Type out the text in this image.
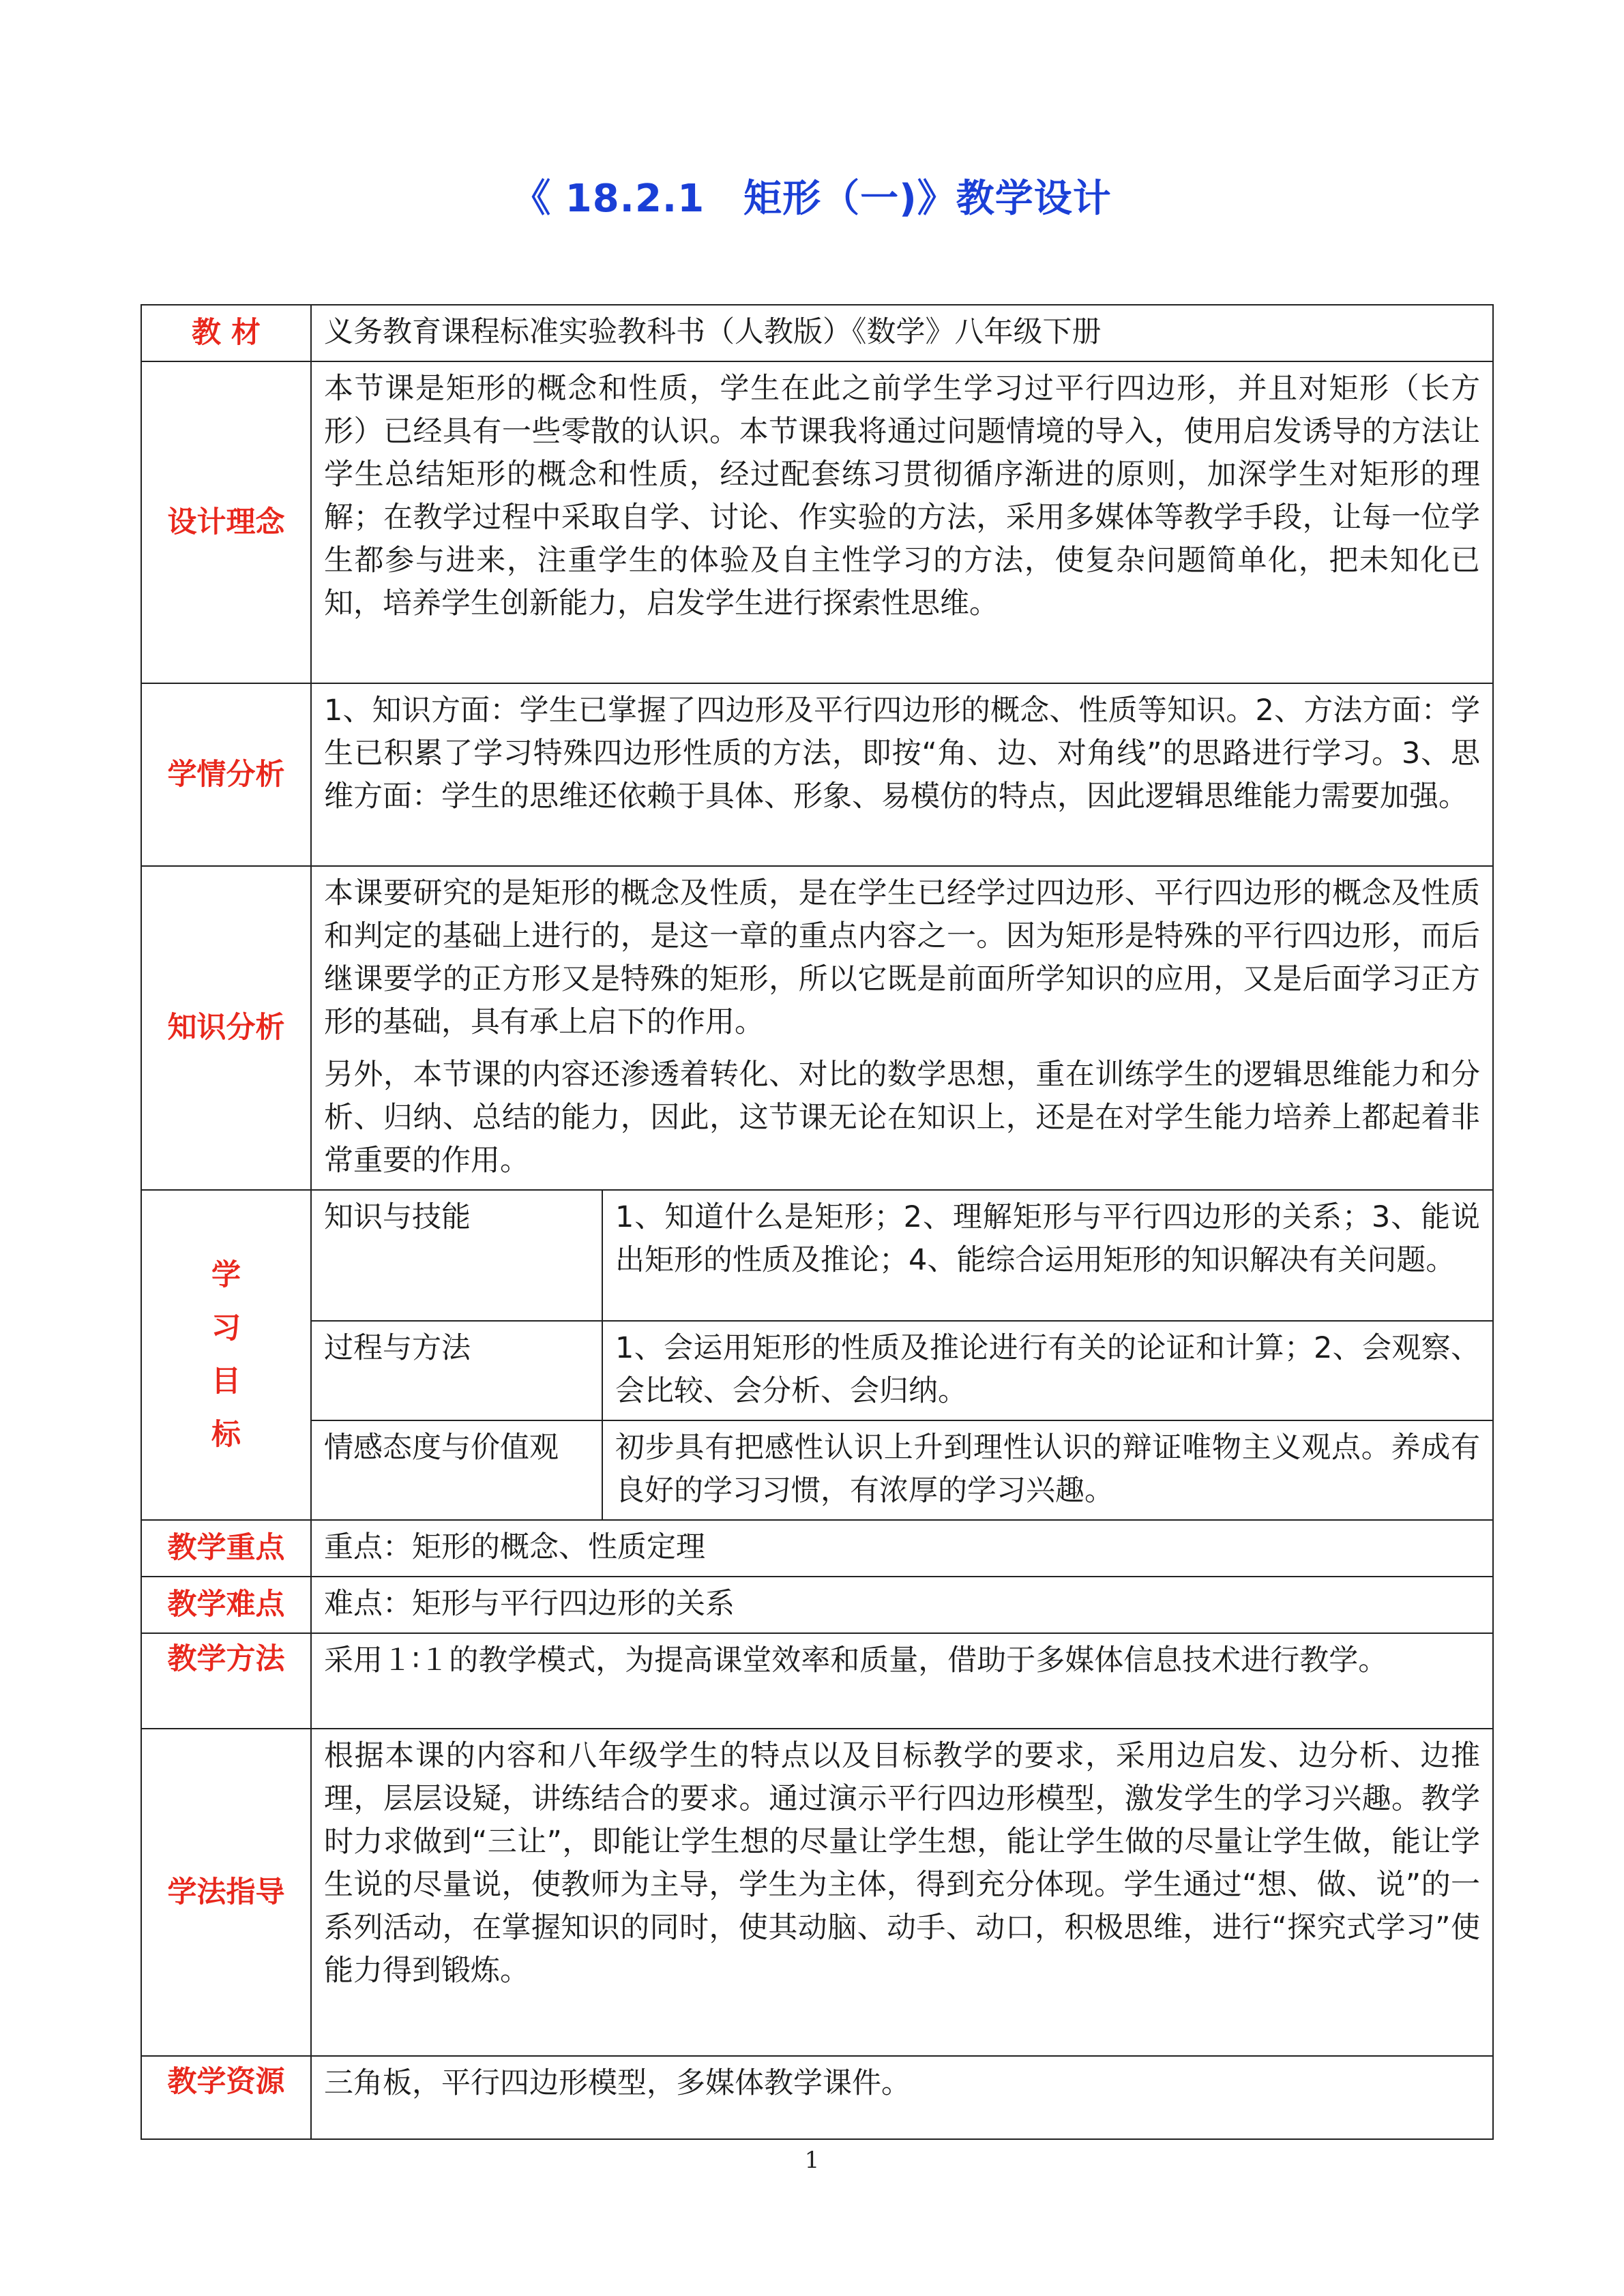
《 18.2.1　矩形（一)》教学设计
教 材	义务教育课程标准实验教科书（人教版）《数学》八年级下册	
设计理念	本节课是矩形的概念和性质，学生在此之前学生学习过平行四边形，并且对矩形（长方形）已经具有一些零散的认识。本节课我将通过问题情境的导入，使用启发诱导的方法让学生总结矩形的概念和性质，经过配套练习贯彻循序渐进的原则，加深学生对矩形的理解；在教学过程中采取自学、讨论、作实验的方法，采用多媒体等教学手段，让每一位学生都参与进来，注重学生的体验及自主性学习的方法，使复杂问题简单化，把未知化已知，培养学生创新能力，启发学生进行探索性思维。	
学情分析	1、知识方面：学生已掌握了四边形及平行四边形的概念、性质等知识。2、方法方面：学生已积累了学习特殊四边形性质的方法，即按“角、边、对角线”的思路进行学习。3、思维方面：学生的思维还依赖于具体、形象、易模仿的特点，因此逻辑思维能力需要加强。	
知识分析	本课要研究的是矩形的概念及性质，是在学生已经学过四边形、平行四边形的概念及性质和判定的基础上进行的，是这一章的重点内容之一。因为矩形是特殊的平行四边形，而后继课要学的正方形又是特殊的矩形，所以它既是前面所学知识的应用，又是后面学习正方形的基础，具有承上启下的作用。

另外，本节课的内容还渗透着转化、对比的数学思想，重在训练学生的逻辑思维能力和分析、归纳、总结的能力，因此，这节课无论在知识上，还是在对学生能力培养上都起着非常重要的作用。	

学
习
目
标	知识与技能	1、知道什么是矩形；2、理解矩形与平行四边形的关系；3、能说出矩形的性质及推论；4、能综合运用矩形的知识解决有关问题。
	过程与方法	1、会运用矩形的性质及推论进行有关的论证和计算；2、会观察、会比较、会分析、会归纳。
	情感态度与价值观	初步具有把感性认识上升到理性认识的辩证唯物主义观点。养成有良好的学习习惯，有浓厚的学习兴趣。
教学重点	重点：矩形的概念、性质定理	
教学难点	难点：矩形与平行四边形的关系	
教学方法	采用１∶１的教学模式，为提高课堂效率和质量，借助于多媒体信息技术进行教学。	
学法指导	根据本课的内容和八年级学生的特点以及目标教学的要求，采用边启发、边分析、边推理，层层设疑，讲练结合的要求。通过演示平行四边形模型，激发学生的学习兴趣。教学时力求做到“三让”，即能让学生想的尽量让学生想，能让学生做的尽量让学生做，能让学生说的尽量说，使教师为主导，学生为主体，得到充分体现。学生通过“想、做、说”的一系列活动，在掌握知识的同时，使其动脑、动手、动口，积极思维，进行“探究式学习”使能力得到锻炼。	
教学资源	三角板，平行四边形模型，多媒体教学课件。	
1
